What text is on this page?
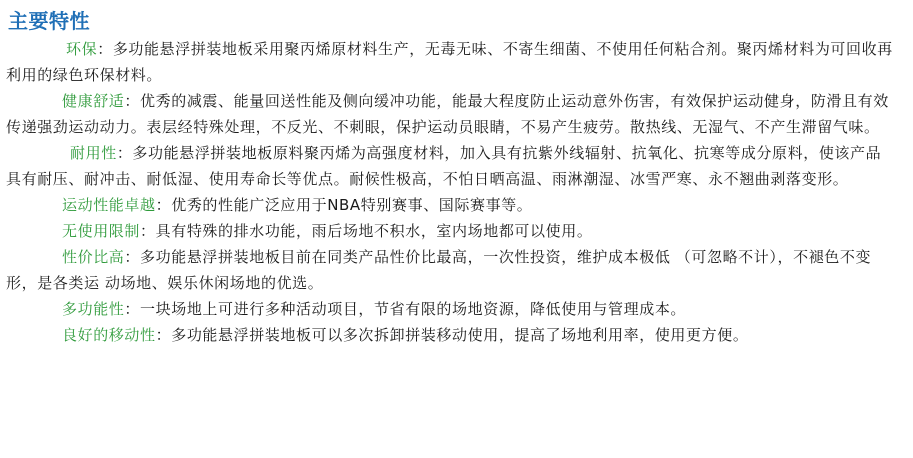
主要特性

环保：多功能悬浮拼装地板采用聚丙烯原材料生产，无毒无味、不寄生细菌、不使用任何粘合剂。聚丙烯材料为可回收再利用的绿色环保材料。

健康舒适：优秀的减震、能量回送性能及侧向缓冲功能，能最大程度防止运动意外伤害，有效保护运动健身，防滑且有效传递强劲运动动力。表层经特殊处理，不反光、不刺眼，保护运动员眼睛，不易产生疲劳。散热线、无湿气、不产生滞留气味。

耐用性：多功能悬浮拼装地板原料聚丙烯为高强度材料，加入具有抗紫外线辐射、抗氧化、抗寒等成分原料，使该产品具有耐压、耐冲击、耐低湿、使用寿命长等优点。耐候性极高，不怕日晒高温、雨淋潮湿、冰雪严寒、永不翘曲剥落变形。

运动性能卓越：优秀的性能广泛应用于NBA特别赛事、国际赛事等。

无使用限制：具有特殊的排水功能，雨后场地不积水，室内场地都可以使用。

性价比高：多功能悬浮拼装地板目前在同类产品性价比最高，一次性投资，维护成本极低 （可忽略不计），不褪色不变形，是各类运 动场地、娱乐休闲场地的优选。

多功能性：一块场地上可进行多种活动项目，节省有限的场地资源，降低使用与管理成本。

良好的移动性：多功能悬浮拼装地板可以多次拆卸拼装移动使用，提高了场地利用率，使用更方便。
